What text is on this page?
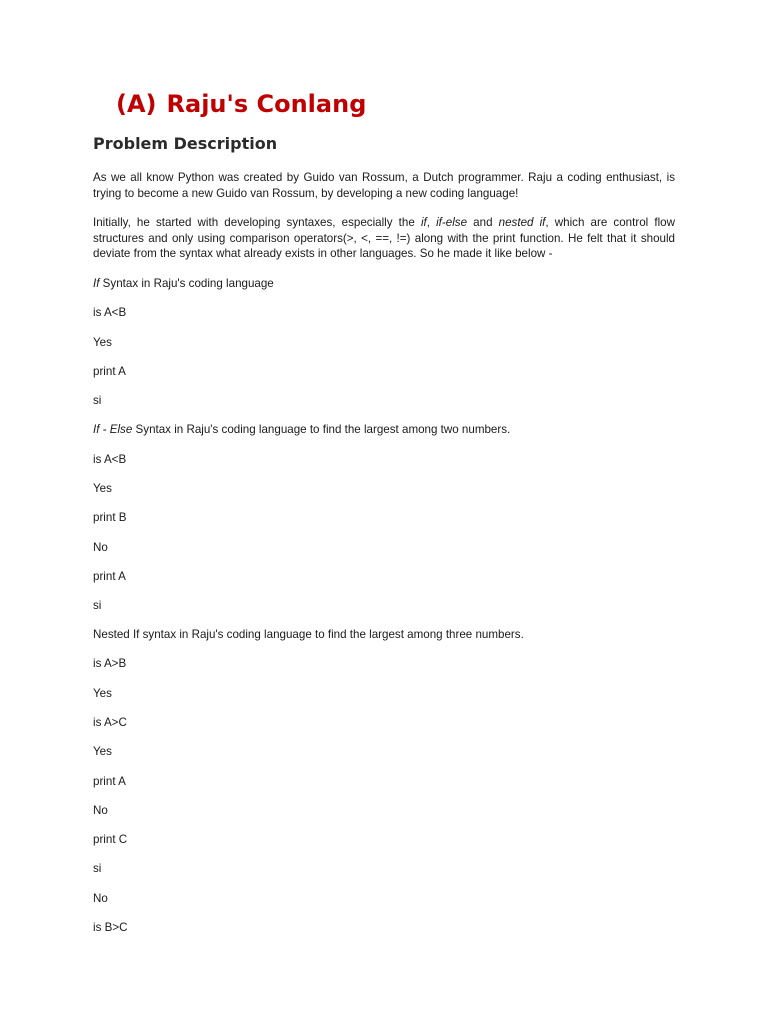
(A) Raju's Conlang
Problem Description

As we all know Python was created by Guido van Rossum, a Dutch programmer. Raju a coding enthusiast, is trying to become a new Guido van Rossum, by developing a new coding language!

Initially, he started with developing syntaxes, especially the if, if-else and nested if, which are control flow structures and only using comparison operators(>, <, ==, !=) along with the print function. He felt that it should deviate from the syntax what already exists in other languages. So he made it like below -

If Syntax in Raju's coding language

is A<B

Yes

print A

si

If - Else Syntax in Raju's coding language to find the largest among two numbers.

is A<B

Yes

print B

No

print A

si

Nested If syntax in Raju's coding language to find the largest among three numbers.

is A>B

Yes

is A>C

Yes

print A

No

print C

si

No

is B>C
